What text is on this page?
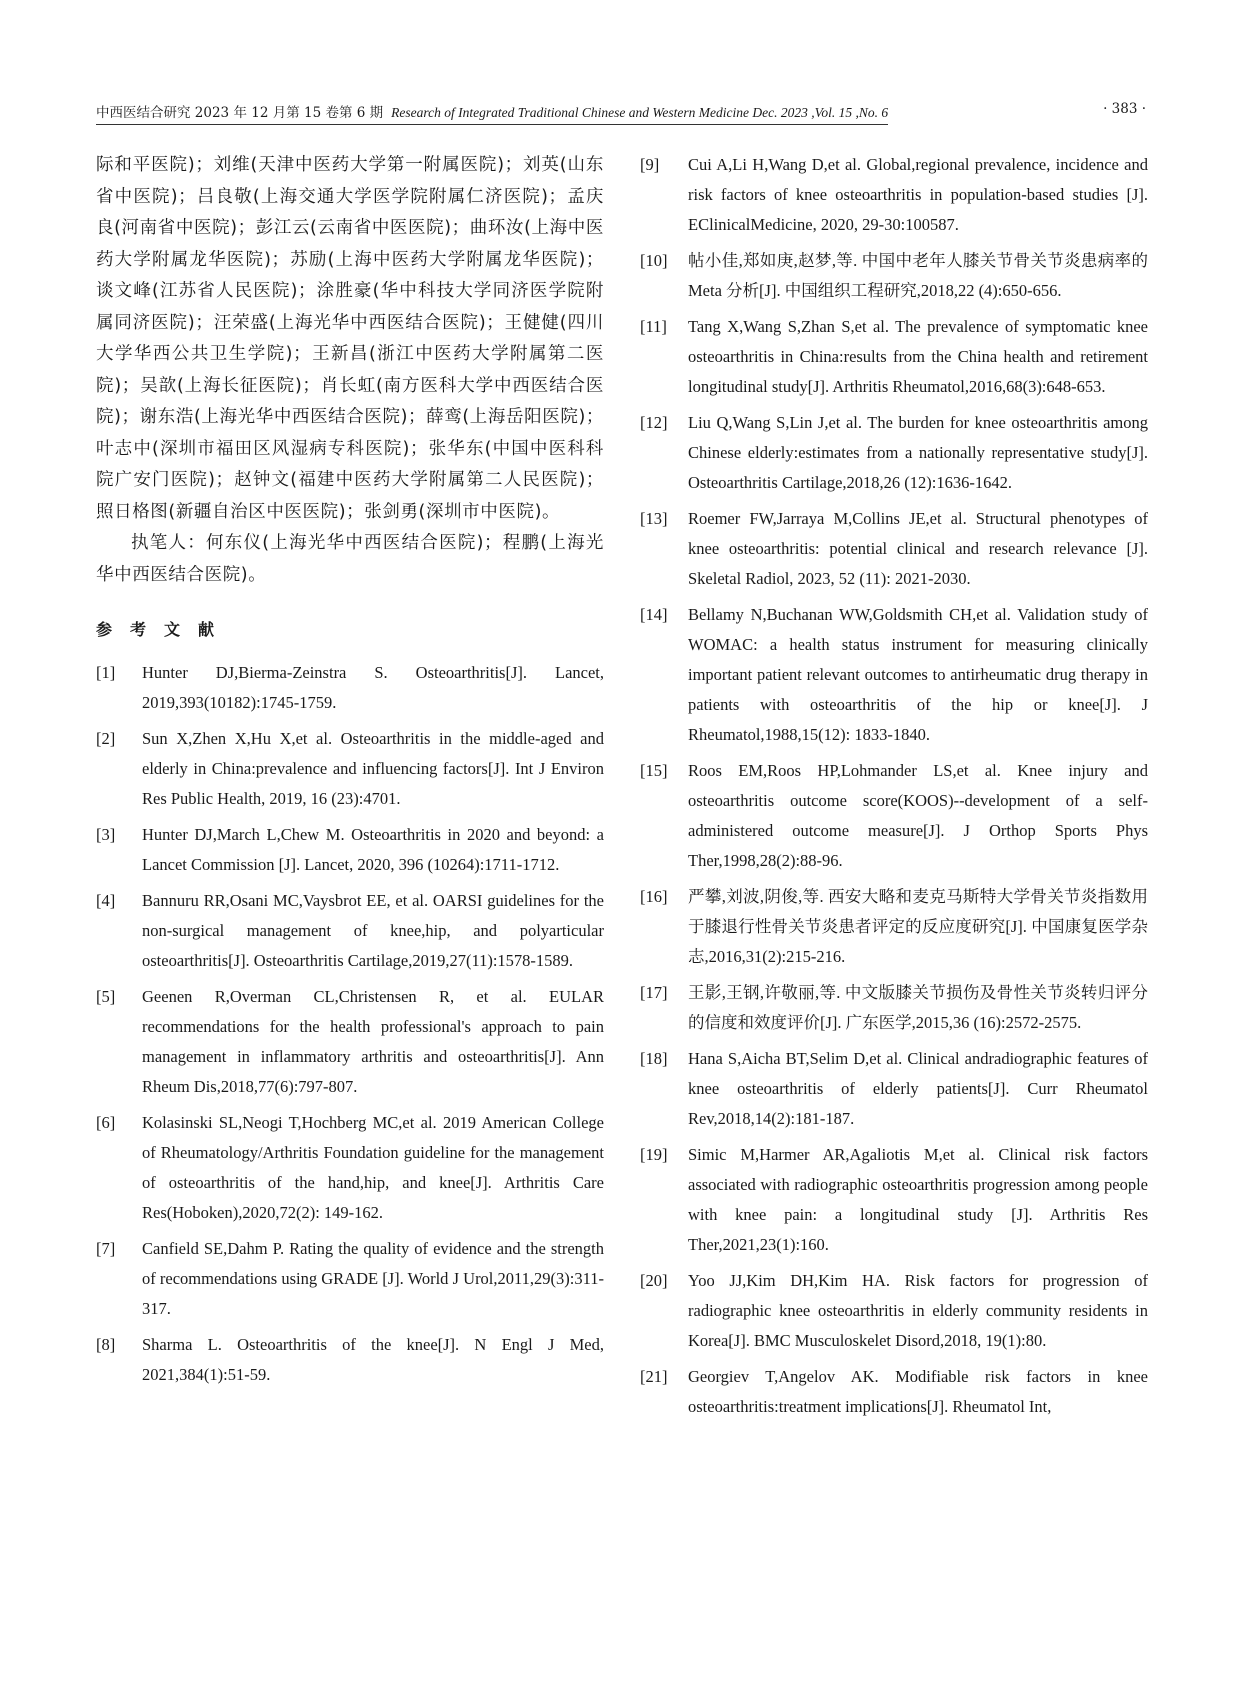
中西医结合研究 2023 年 12 月第 15 卷第 6 期 Research of Integrated Traditional Chinese and Western Medicine Dec. 2023 ,Vol. 15 ,No. 6	· 383 ·

际和平医院)；刘维(天津中医药大学第一附属医院)；刘英(山东省中医院)；吕良敬(上海交通大学医学院附属仁济医院)；孟庆良(河南省中医院)；彭江云(云南省中医医院)；曲环汝(上海中医药大学附属龙华医院)；苏励(上海中医药大学附属龙华医院)；谈文峰(江苏省人民医院)；涂胜豪(华中科技大学同济医学院附属同济医院)；汪荣盛(上海光华中西医结合医院)；王健健(四川大学华西公共卫生学院)；王新昌(浙江中医药大学附属第二医院)；吴歆(上海长征医院)；肖长虹(南方医科大学中西医结合医院)；谢东浩(上海光华中西医结合医院)；薛鸾(上海岳阳医院)；叶志中(深圳市福田区风湿病专科医院)；张华东(中国中医科科院广安门医院)；赵钟文(福建中医药大学附属第二人民医院)；照日格图(新疆自治区中医医院)；张剑勇(深圳市中医院)。

执笔人：何东仪(上海光华中西医结合医院)；程鹏(上海光华中西医结合医院)。

参考文献
[1]	Hunter DJ,Bierma-Zeinstra S. Osteoarthritis[J]. Lancet, 2019,393(10182):1745-1759.
[2]	Sun X,Zhen X,Hu X,et al. Osteoarthritis in the middle-aged and elderly in China:prevalence and influencing factors[J]. Int J Environ Res Public Health, 2019, 16 (23):4701.
[3]	Hunter DJ,March L,Chew M. Osteoarthritis in 2020 and beyond: a Lancet Commission [J]. Lancet, 2020, 396 (10264):1711-1712.
[4]	Bannuru RR,Osani MC,Vaysbrot EE, et al. OARSI guidelines for the non-surgical management of knee,hip, and polyarticular osteoarthritis[J]. Osteoarthritis Cartilage,2019,27(11):1578-1589.
[5]	Geenen R,Overman CL,Christensen R, et al. EULAR recommendations for the health professional's approach to pain management in inflammatory arthritis and osteoarthritis[J]. Ann Rheum Dis,2018,77(6):797-807.
[6]	Kolasinski SL,Neogi T,Hochberg MC,et al. 2019 American College of Rheumatology/Arthritis Foundation guideline for the management of osteoarthritis of the hand,hip, and knee[J]. Arthritis Care Res(Hoboken),2020,72(2): 149-162.
[7]	Canfield SE,Dahm P. Rating the quality of evidence and the strength of recommendations using GRADE [J]. World J Urol,2011,29(3):311-317.
[8]	Sharma L. Osteoarthritis of the knee[J]. N Engl J Med, 2021,384(1):51-59.
[9]	Cui A,Li H,Wang D,et al. Global,regional prevalence, incidence and risk factors of knee osteoarthritis in population-based studies [J]. EClinicalMedicine, 2020, 29-30:100587.
[10]	帖小佳,郑如庚,赵梦,等. 中国中老年人膝关节骨关节炎患病率的 Meta 分析[J]. 中国组织工程研究,2018,22 (4):650-656.
[11]	Tang X,Wang S,Zhan S,et al. The prevalence of symptomatic knee osteoarthritis in China:results from the China health and retirement longitudinal study[J]. Arthritis Rheumatol,2016,68(3):648-653.
[12]	Liu Q,Wang S,Lin J,et al. The burden for knee osteoarthritis among Chinese elderly:estimates from a nationally representative study[J]. Osteoarthritis Cartilage,2018,26 (12):1636-1642.
[13]	Roemer FW,Jarraya M,Collins JE,et al. Structural phenotypes of knee osteoarthritis: potential clinical and research relevance [J]. Skeletal Radiol, 2023, 52 (11): 2021-2030.
[14]	Bellamy N,Buchanan WW,Goldsmith CH,et al. Validation study of WOMAC: a health status instrument for measuring clinically important patient relevant outcomes to antirheumatic drug therapy in patients with osteoarthritis of the hip or knee[J]. J Rheumatol,1988,15(12): 1833-1840.
[15]	Roos EM,Roos HP,Lohmander LS,et al. Knee injury and osteoarthritis outcome score(KOOS)--development of a self-administered outcome measure[J]. J Orthop Sports Phys Ther,1998,28(2):88-96.
[16]	严攀,刘波,阴俊,等. 西安大略和麦克马斯特大学骨关节炎指数用于膝退行性骨关节炎患者评定的反应度研究[J]. 中国康复医学杂志,2016,31(2):215-216.
[17]	王影,王钢,许敬丽,等. 中文版膝关节损伤及骨性关节炎转归评分的信度和效度评价[J]. 广东医学,2015,36 (16):2572-2575.
[18]	Hana S,Aicha BT,Selim D,et al. Clinical andradiographic features of knee osteoarthritis of elderly patients[J]. Curr Rheumatol Rev,2018,14(2):181-187.
[19]	Simic M,Harmer AR,Agaliotis M,et al. Clinical risk factors associated with radiographic osteoarthritis progression among people with knee pain: a longitudinal study [J]. Arthritis Res Ther,2021,23(1):160.
[20]	Yoo JJ,Kim DH,Kim HA. Risk factors for progression of radiographic knee osteoarthritis in elderly community residents in Korea[J]. BMC Musculoskelet Disord,2018, 19(1):80.
[21]	Georgiev T,Angelov AK. Modifiable risk factors in knee osteoarthritis:treatment implications[J]. Rheumatol Int,
